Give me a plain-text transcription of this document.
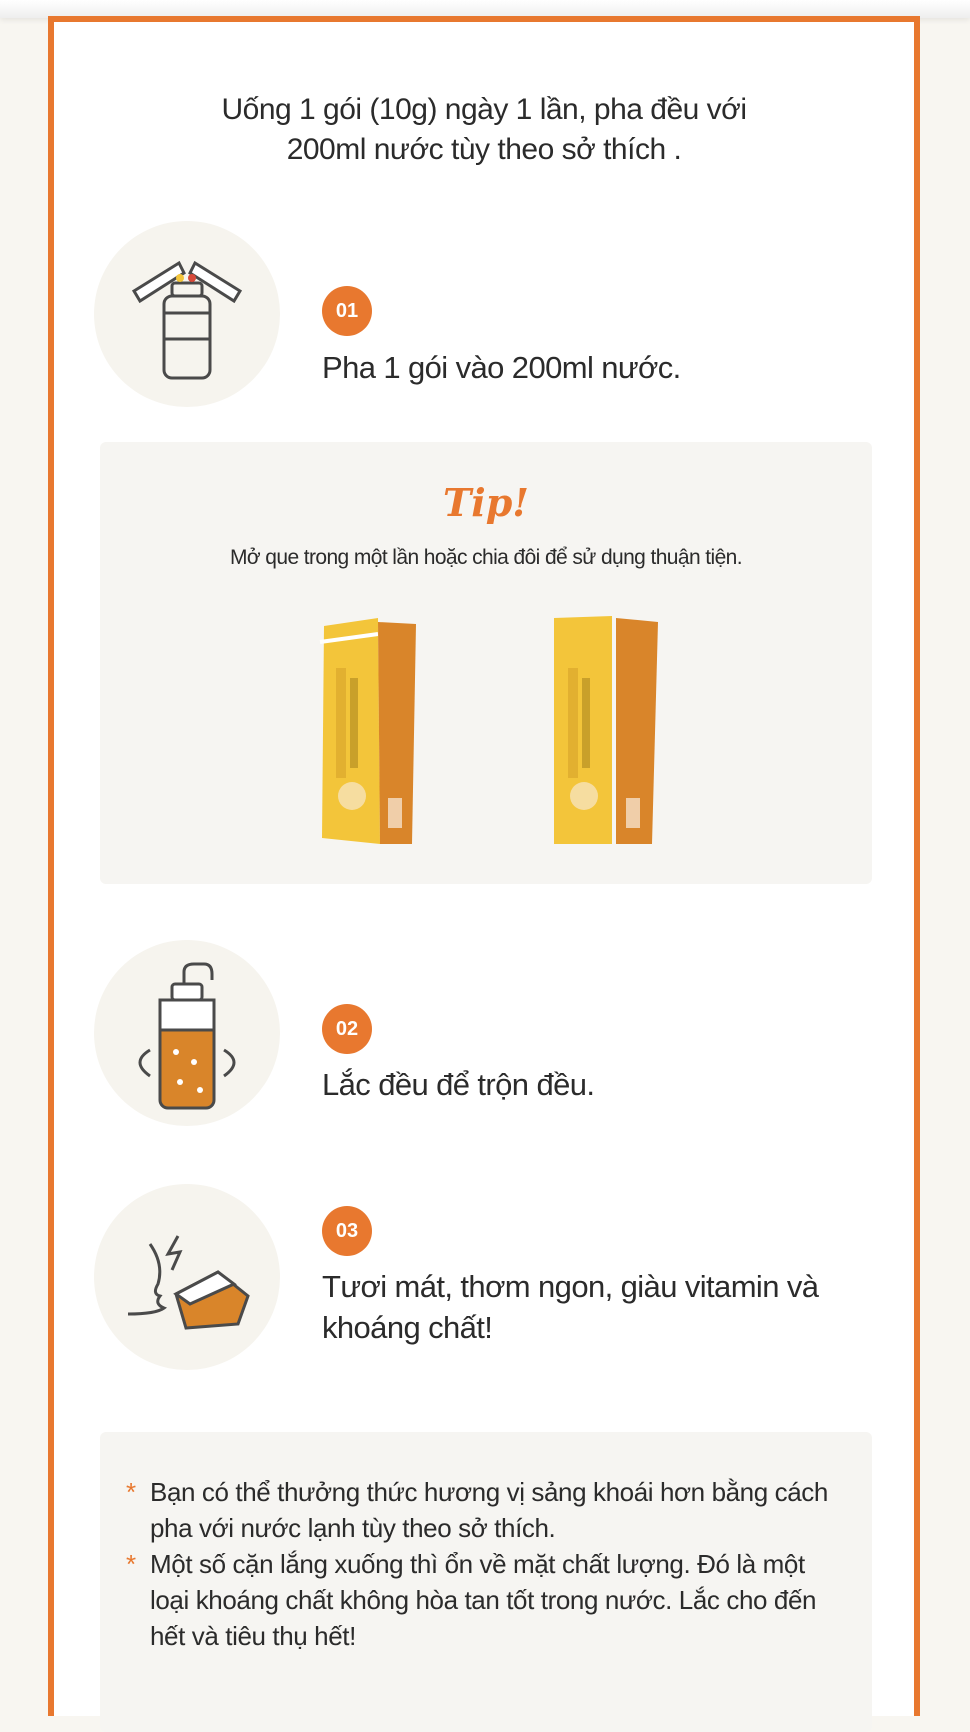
Uống 1 gói (10g) ngày 1 lần, pha đều với
200ml nước tùy theo sở thích .
01
Pha 1 gói vào 200ml nước.
Tip!
Mở que trong một lần hoặc chia đôi để sử dụng thuận tiện.
02
Lắc đều để trộn đều.
03
Tươi mát, thơm ngon, giàu vitamin và khoáng chất!
* Bạn có thể thưởng thức hương vị sảng khoái hơn bằng cách pha với nước lạnh tùy theo sở thích.
* Một số cặn lắng xuống thì ổn về mặt chất lượng. Đó là một loại khoáng chất không hòa tan tốt trong nước. Lắc cho đến hết và tiêu thụ hết!
